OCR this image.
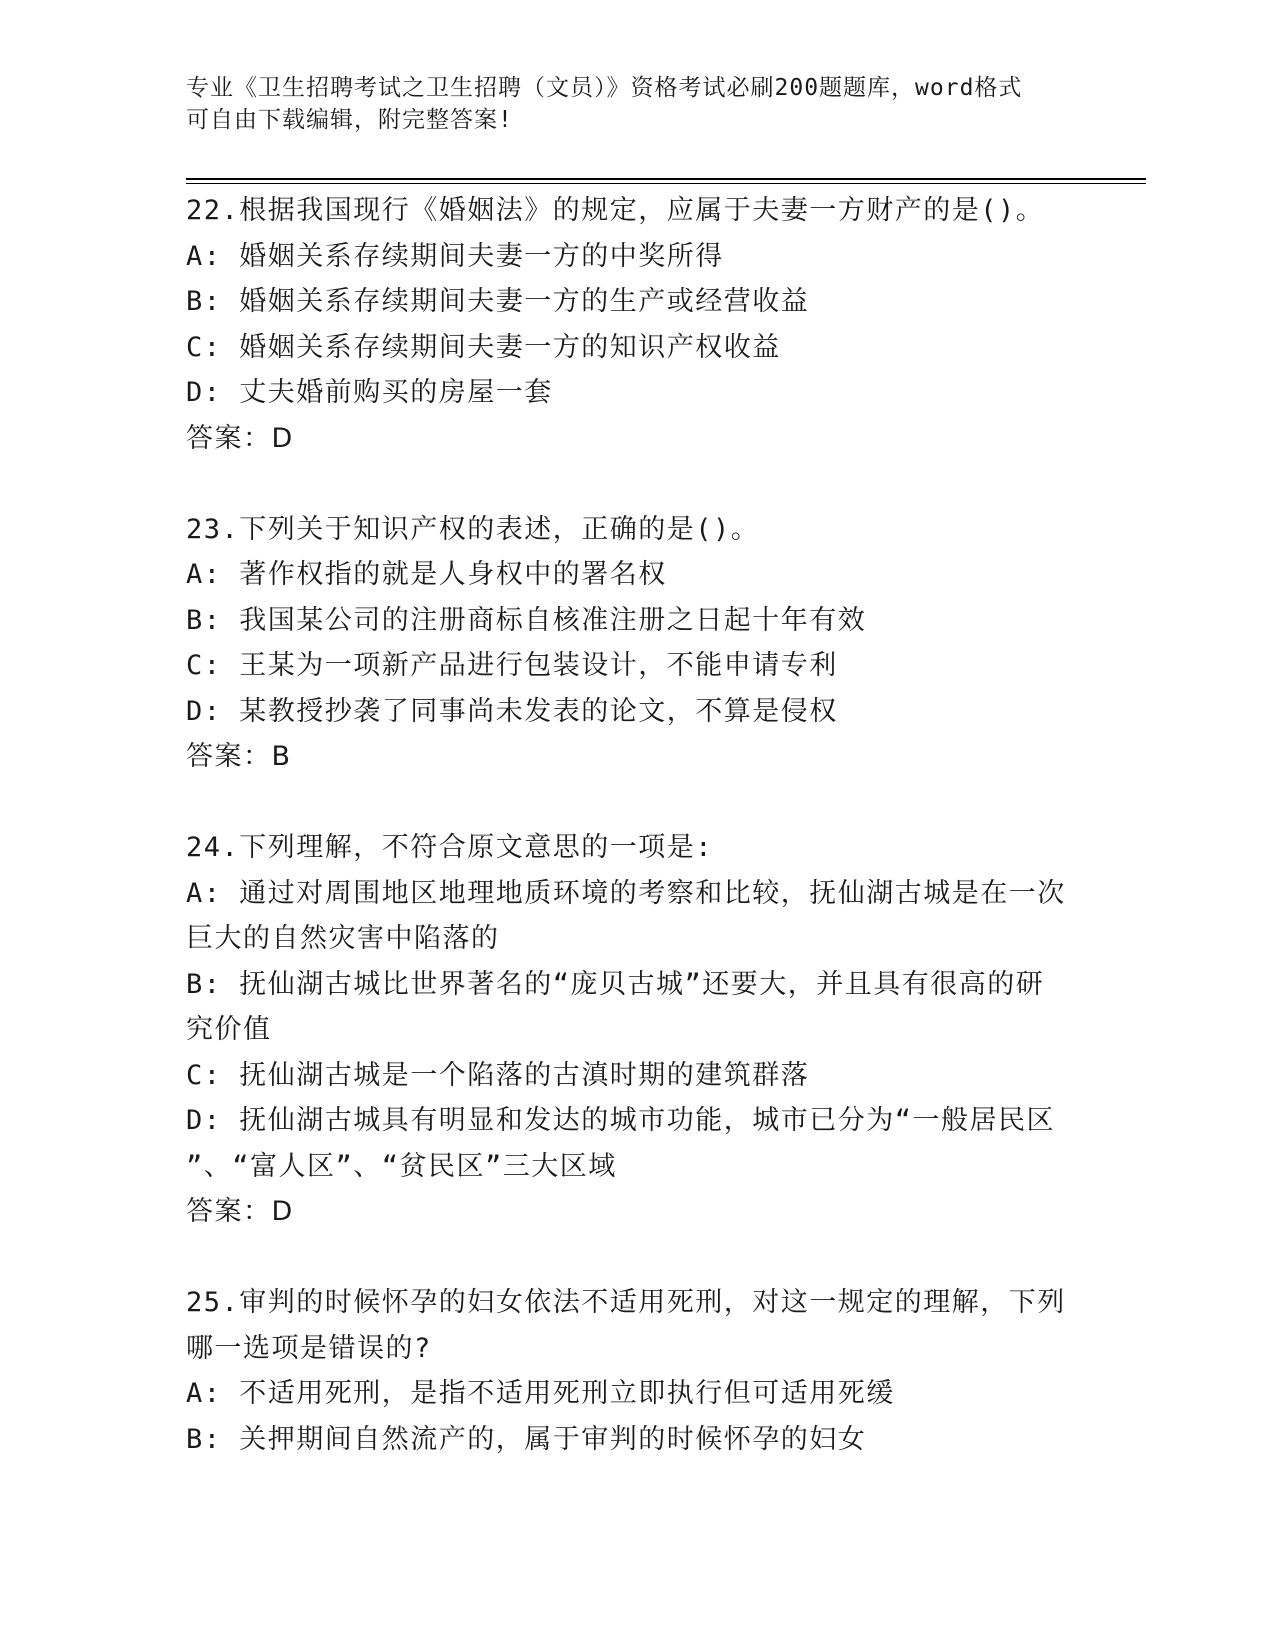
专业《卫生招聘考试之卫生招聘（文员）》资格考试必刷200题题库，word格式
可自由下载编辑，附完整答案!

22.根据我国现行《婚姻法》的规定，应属于夫妻一方财产的是()。

A: 婚姻关系存续期间夫妻一方的中奖所得

B: 婚姻关系存续期间夫妻一方的生产或经营收益

C: 婚姻关系存续期间夫妻一方的知识产权收益

D: 丈夫婚前购买的房屋一套

答案：D

23.下列关于知识产权的表述，正确的是()。

A: 著作权指的就是人身权中的署名权

B: 我国某公司的注册商标自核准注册之日起十年有效

C: 王某为一项新产品进行包装设计，不能申请专利

D: 某教授抄袭了同事尚未发表的论文，不算是侵权

答案：B

24.下列理解，不符合原文意思的一项是:

A: 通过对周围地区地理地质环境的考察和比较，抚仙湖古城是在一次

巨大的自然灾害中陷落的

B: 抚仙湖古城比世界著名的“庞贝古城”还要大，并且具有很高的研

究价值

C: 抚仙湖古城是一个陷落的古滇时期的建筑群落

D: 抚仙湖古城具有明显和发达的城市功能，城市已分为“一般居民区

”、“富人区”、“贫民区”三大区域

答案：D

25.审判的时候怀孕的妇女依法不适用死刑，对这一规定的理解，下列

哪一选项是错误的?

A: 不适用死刑，是指不适用死刑立即执行但可适用死缓

B: 关押期间自然流产的，属于审判的时候怀孕的妇女
